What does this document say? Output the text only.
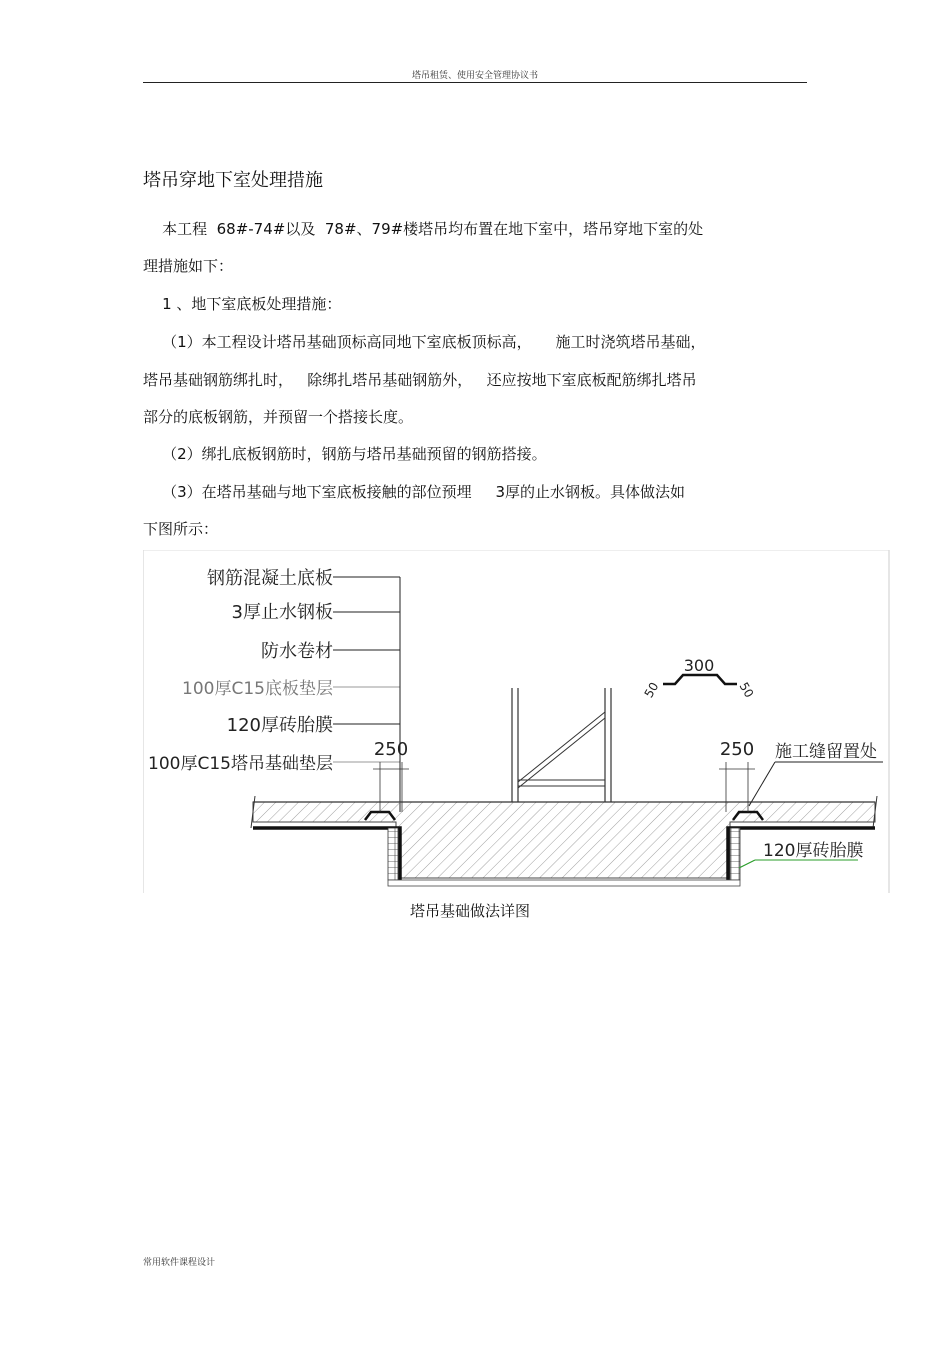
塔吊租赁、使用安全管理协议书
塔吊穿地下室处理措施
本工程  68#-74#以及  78#、79#楼塔吊均布置在地下室中，塔吊穿地下室的处
理措施如下：
1 、地下室底板处理措施：
（1）本工程设计塔吊基础顶标高同地下室底板顶标高，     施工时浇筑塔吊基础，
塔吊基础钢筋绑扎时，   除绑扎塔吊基础钢筋外，   还应按地下室底板配筋绑扎塔吊
部分的底板钢筋，并预留一个搭接长度。
（2）绑扎底板钢筋时，钢筋与塔吊基础预留的钢筋搭接。
（3）在塔吊基础与地下室底板接触的部位预埋     3厚的止水钢板。具体做法如
下图所示：
钢筋混凝土底板
3厚止水钢板
防水卷材
100厚C15底板垫层
120厚砖胎膜
100厚C15塔吊基础垫层
300
50	50
250	250 施工缝留置处
120厚砖胎膜
塔吊基础做法详图
常用软件课程设计
